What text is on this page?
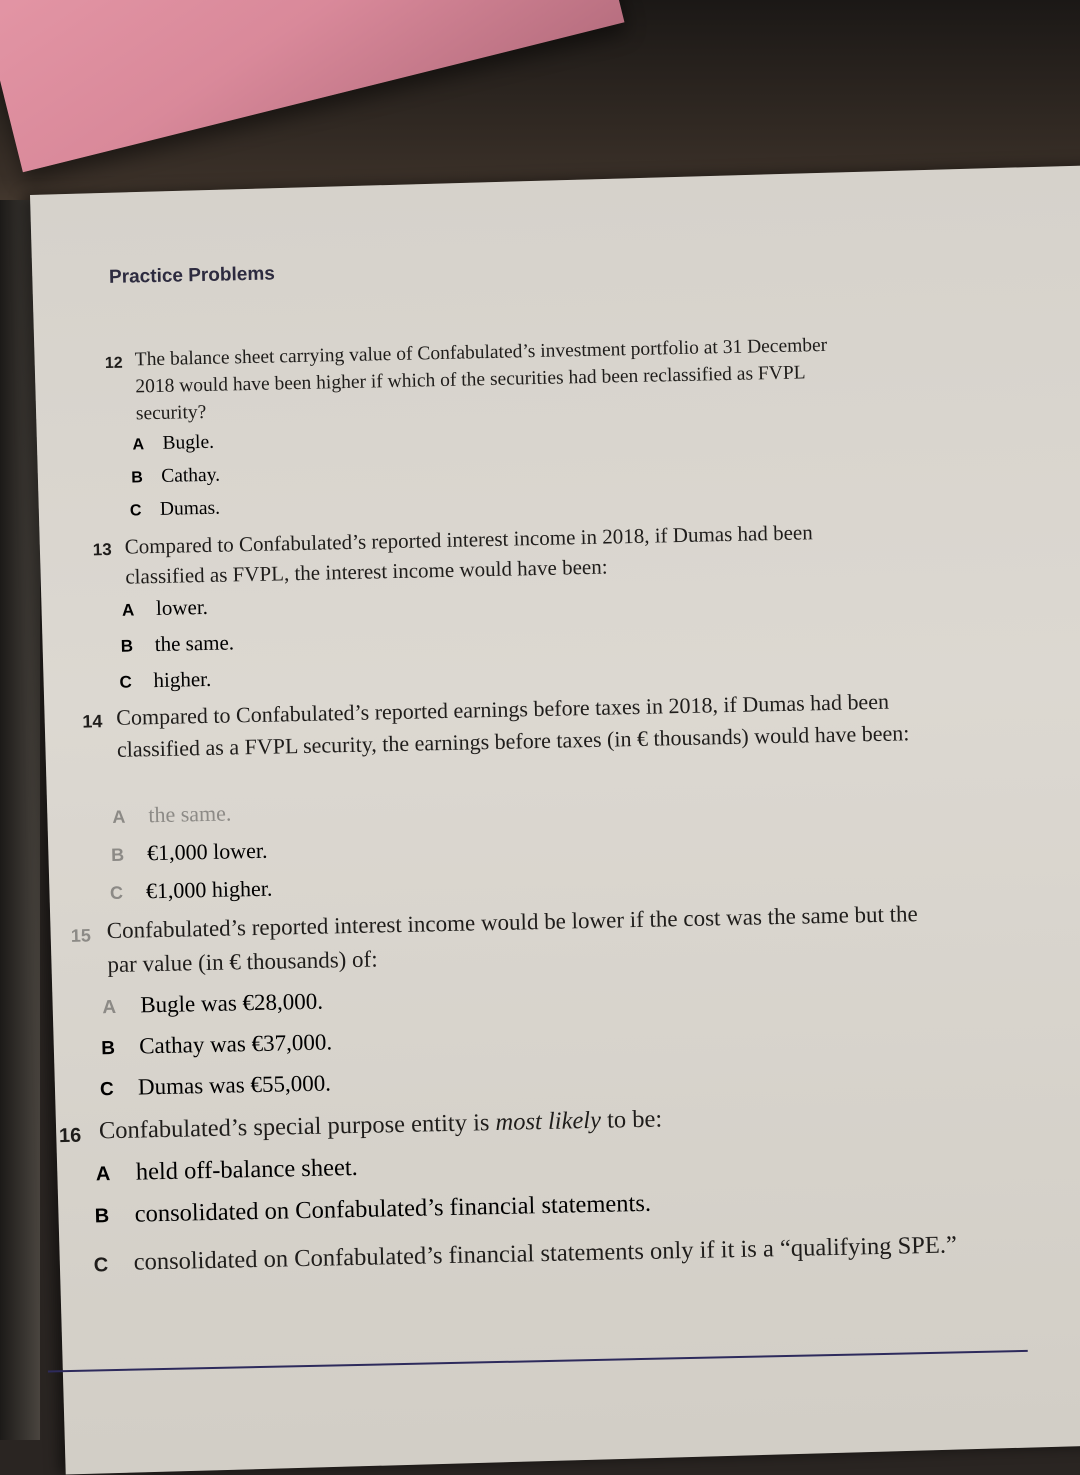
Practice Problems
12 The balance sheet carrying value of Confabulated’s investment portfolio at 31 December 2018 would have been higher if which of the securities had been reclassified as FVPL security?
A Bugle.
B Cathay.
C Dumas.
13 Compared to Confabulated’s reported interest income in 2018, if Dumas had been classified as FVPL, the interest income would have been:
A lower.
B the same.
C higher.
14 Compared to Confabulated’s reported earnings before taxes in 2018, if Dumas had been classified as a FVPL security, the earnings before taxes (in € thousands) would have been:
A the same.
B €1,000 lower.
C €1,000 higher.
15 Confabulated’s reported interest income would be lower if the cost was the same but the par value (in € thousands) of:
A Bugle was €28,000.
B Cathay was €37,000.
C Dumas was €55,000.
16 Confabulated’s special purpose entity is most likely to be:
A held off-balance sheet.
B consolidated on Confabulated’s financial statements.
C	consolidated on Confabulated’s financial statements only if it is a “qualifying SPE.”
